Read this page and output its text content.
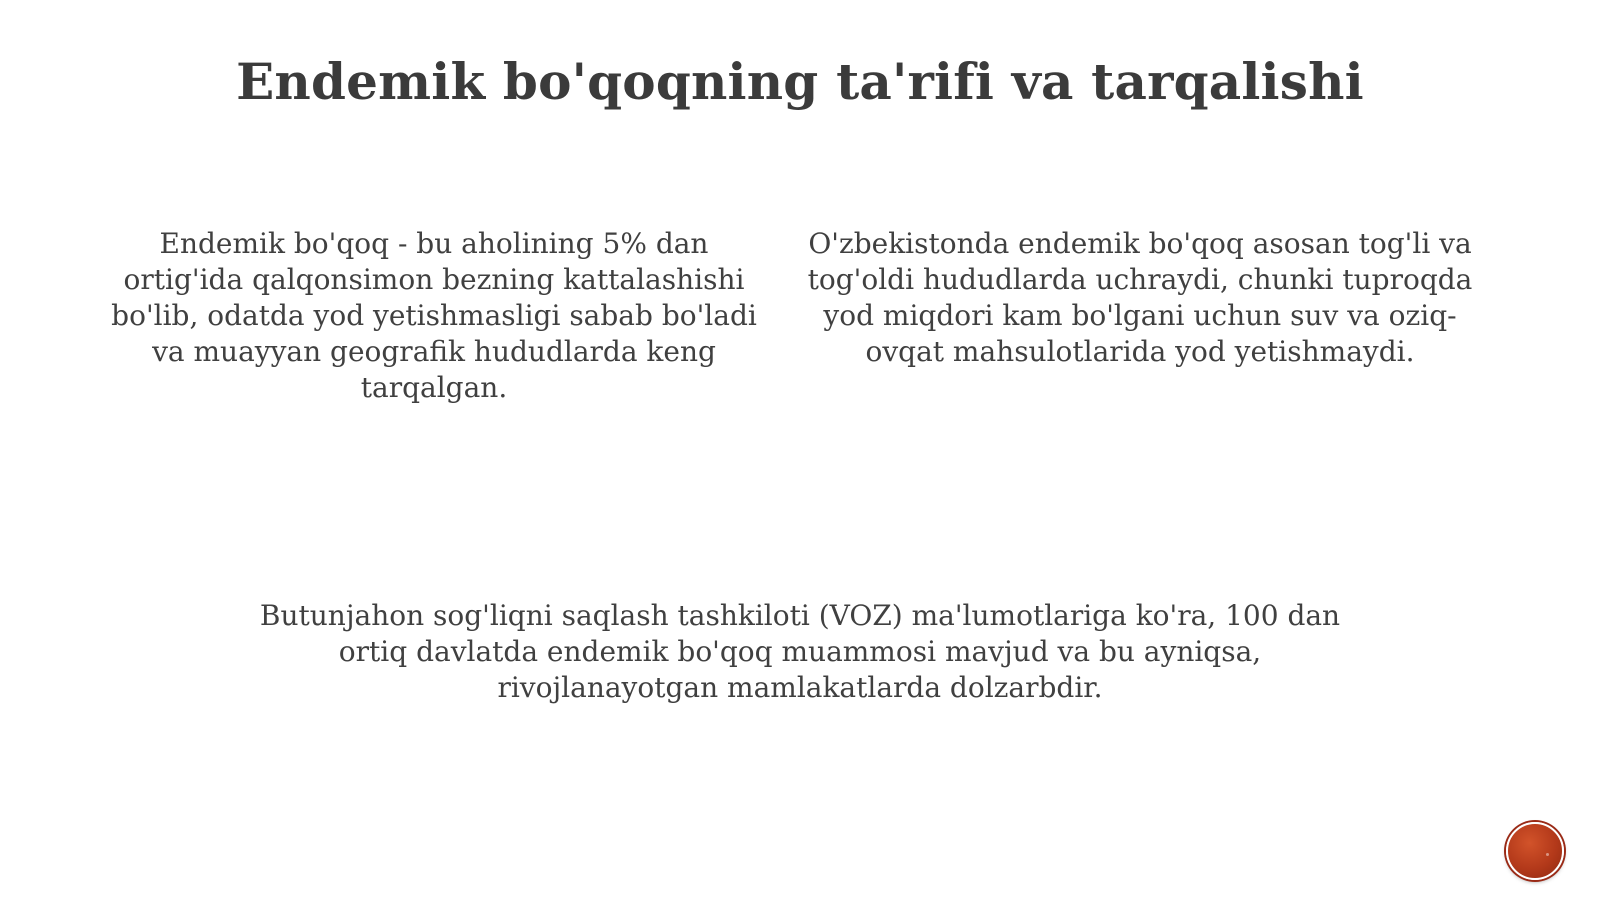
Endemik bo'qoqning ta'rifi va tarqalishi

Endemik bo'qoq - bu aholining 5% dan ortig'ida qalqonsimon bezning kattalashishi bo'lib, odatda yod yetishmasligi sabab bo'ladi va muayyan geografik hududlarda keng tarqalgan.

O'zbekistonda endemik bo'qoq asosan tog'li va tog'oldi hududlarda uchraydi, chunki tuproqda yod miqdori kam bo'lgani uchun suv va oziq-ovqat mahsulotlarida yod yetishmaydi.

Butunjahon sog'liqni saqlash tashkiloti (VOZ) ma'lumotlariga ko'ra, 100 dan ortiq davlatda endemik bo'qoq muammosi mavjud va bu ayniqsa, rivojlanayotgan mamlakatlarda dolzarbdir.
